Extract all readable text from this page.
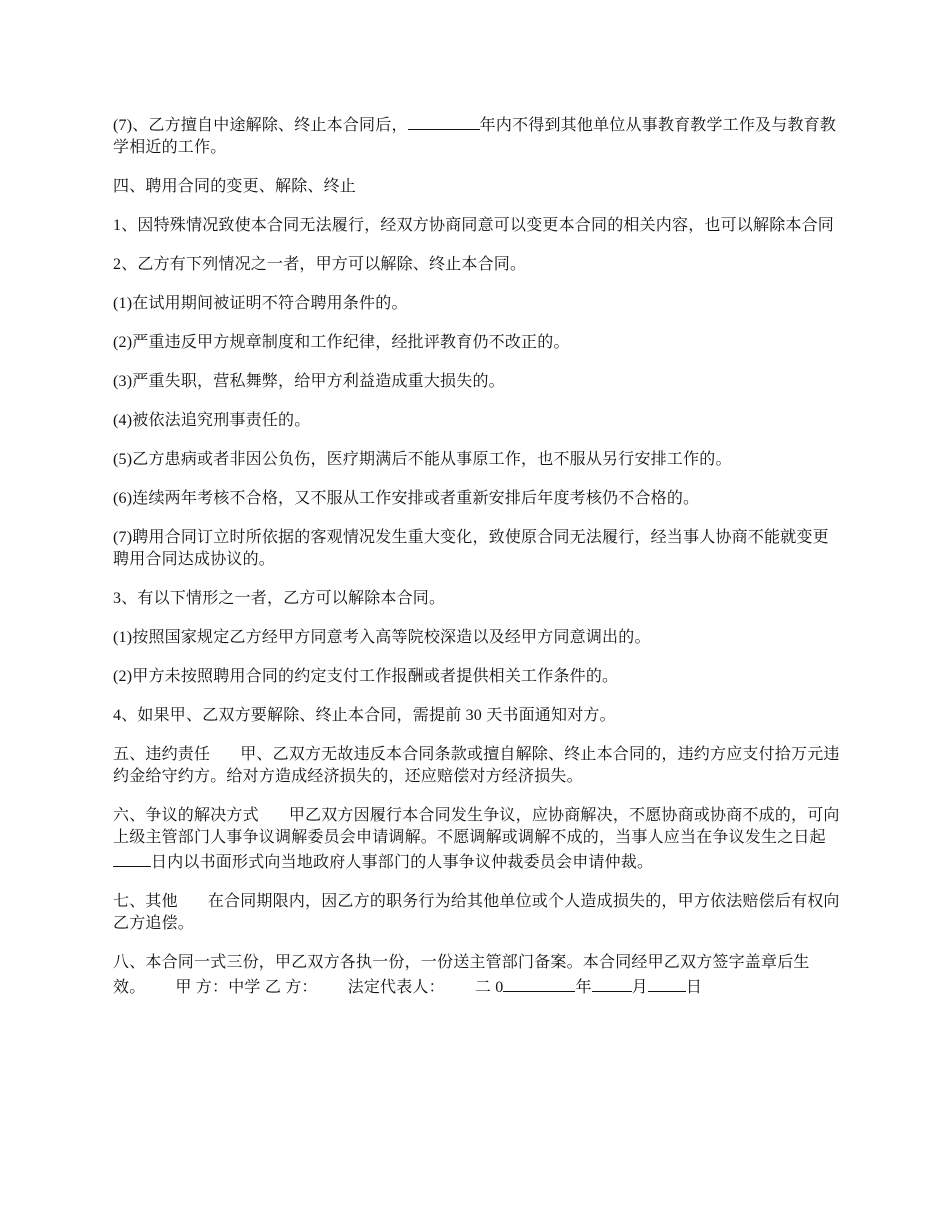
(7)、乙方擅自中途解除、终止本合同后，	年内不得到其他单位从事教育教学工作及与教育教学相近的工作。

四、聘用合同的变更、解除、终止

1、因特殊情况致使本合同无法履行，经双方协商同意可以变更本合同的相关内容，也可以解除本合同

2、乙方有下列情况之一者，甲方可以解除、终止本合同。

(1)在试用期间被证明不符合聘用条件的。

(2)严重违反甲方规章制度和工作纪律，经批评教育仍不改正的。

(3)严重失职，营私舞弊，给甲方利益造成重大损失的。

(4)被依法追究刑事责任的。

(5)乙方患病或者非因公负伤，医疗期满后不能从事原工作，也不服从另行安排工作的。

(6)连续两年考核不合格，又不服从工作安排或者重新安排后年度考核仍不合格的。

(7)聘用合同订立时所依据的客观情况发生重大变化，致使原合同无法履行，经当事人协商不能就变更聘用合同达成协议的。

3、有以下情形之一者，乙方可以解除本合同。

(1)按照国家规定乙方经甲方同意考入高等院校深造以及经甲方同意调出的。

(2)甲方未按照聘用合同的约定支付工作报酬或者提供相关工作条件的。

4、如果甲、乙双方要解除、终止本合同，需提前 30 天书面通知对方。

五、违约责任 甲、乙双方无故违反本合同条款或擅自解除、终止本合同的，违约方应支付拾万元违约金给守约方。给对方造成经济损失的，还应赔偿对方经济损失。

六、争议的解决方式 甲乙双方因履行本合同发生争议，应协商解决，不愿协商或协商不成的，可向上级主管部门人事争议调解委员会申请调解。不愿调解或调解不成的，当事人应当在争议发生之日起日内以书面形式向当地政府人事部门的人事争议仲裁委员会申请仲裁。

七、其他 在合同期限内，因乙方的职务行为给其他单位或个人造成损失的，甲方依法赔偿后有权向乙方追偿。

八、本合同一式三份，甲乙双方各执一份，一份送主管部门备案。本合同经甲乙双方签字盖章后生效。 甲 方：中学 乙 方： 法定代表人： 二 0	年	月 日
